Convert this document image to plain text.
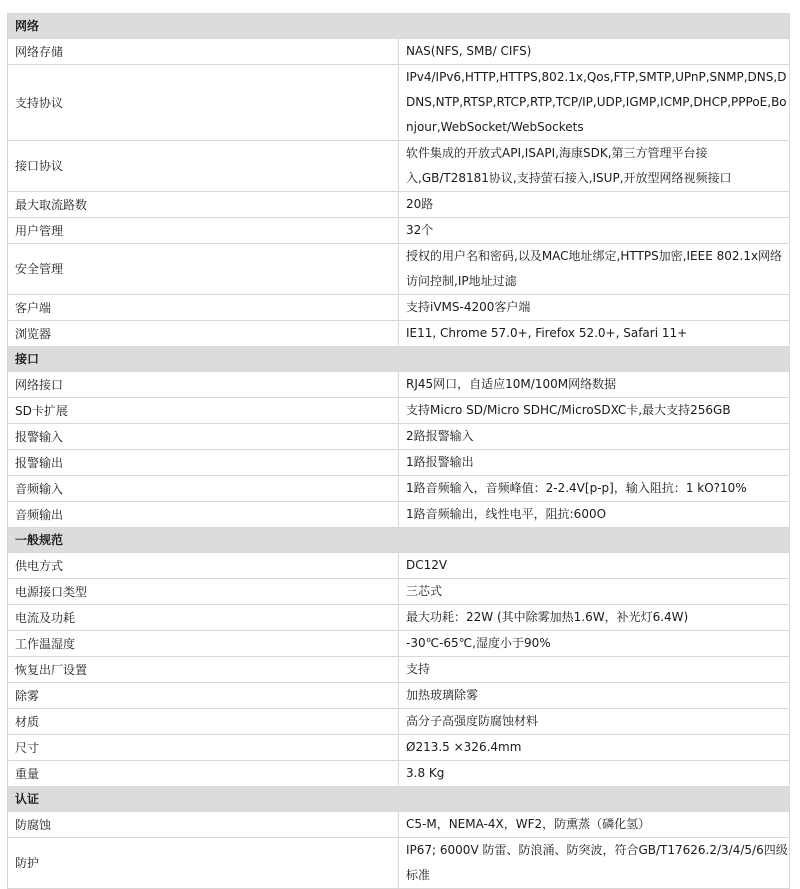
网络	
网络存储	NAS(NFS, SMB/ CIFS)
支持协议	IPv4/IPv6,HTTP,HTTPS,802.1x,Qos,FTP,SMTP,UPnP,SNMP,DNS,DDNS,NTP,RTSP,RTCP,RTP,TCP/IP,UDP,IGMP,ICMP,DHCP,PPPoE,Bonjour,WebSocket/WebSockets
接口协议	软件集成的开放式API,ISAPI,海康SDK,第三方管理平台接入,GB/T28181协议,支持萤石接入,ISUP,开放型网络视频接口
最大取流路数	20路
用户管理	32个
安全管理	授权的用户名和密码,以及MAC地址绑定,HTTPS加密,IEEE 802.1x网络访问控制,IP地址过滤
客户端	支持iVMS-4200客户端
浏览器	IE11, Chrome 57.0+, Firefox 52.0+, Safari 11+
接口	
网络接口	RJ45网口，自适应10M/100M网络数据
SD卡扩展	支持Micro SD/Micro SDHC/MicroSDXC卡,最大支持256GB
报警输入	2路报警输入
报警输出	1路报警输出
音频输入	1路音频输入，音频峰值：2-2.4V[p-p]，输入阻抗：1 kO?10%
音频输出	1路音频输出，线性电平，阻抗:600O
一般规范	
供电方式	DC12V
电源接口类型	三芯式
电流及功耗	最大功耗：22W (其中除雾加热1.6W，补光灯6.4W)
工作温湿度	-30℃-65℃,湿度小于90%
恢复出厂设置	支持
除雾	加热玻璃除雾
材质	高分子高强度防腐蚀材料
尺寸	Ø213.5 ×326.4mm
重量	3.8 Kg
认证	
防腐蚀	C5-M，NEMA-4X，WF2，防熏蒸（磷化氢）
防护	IP67; 6000V 防雷、防浪涌、防突波，符合GB/T17626.2/3/4/5/6四级标准
